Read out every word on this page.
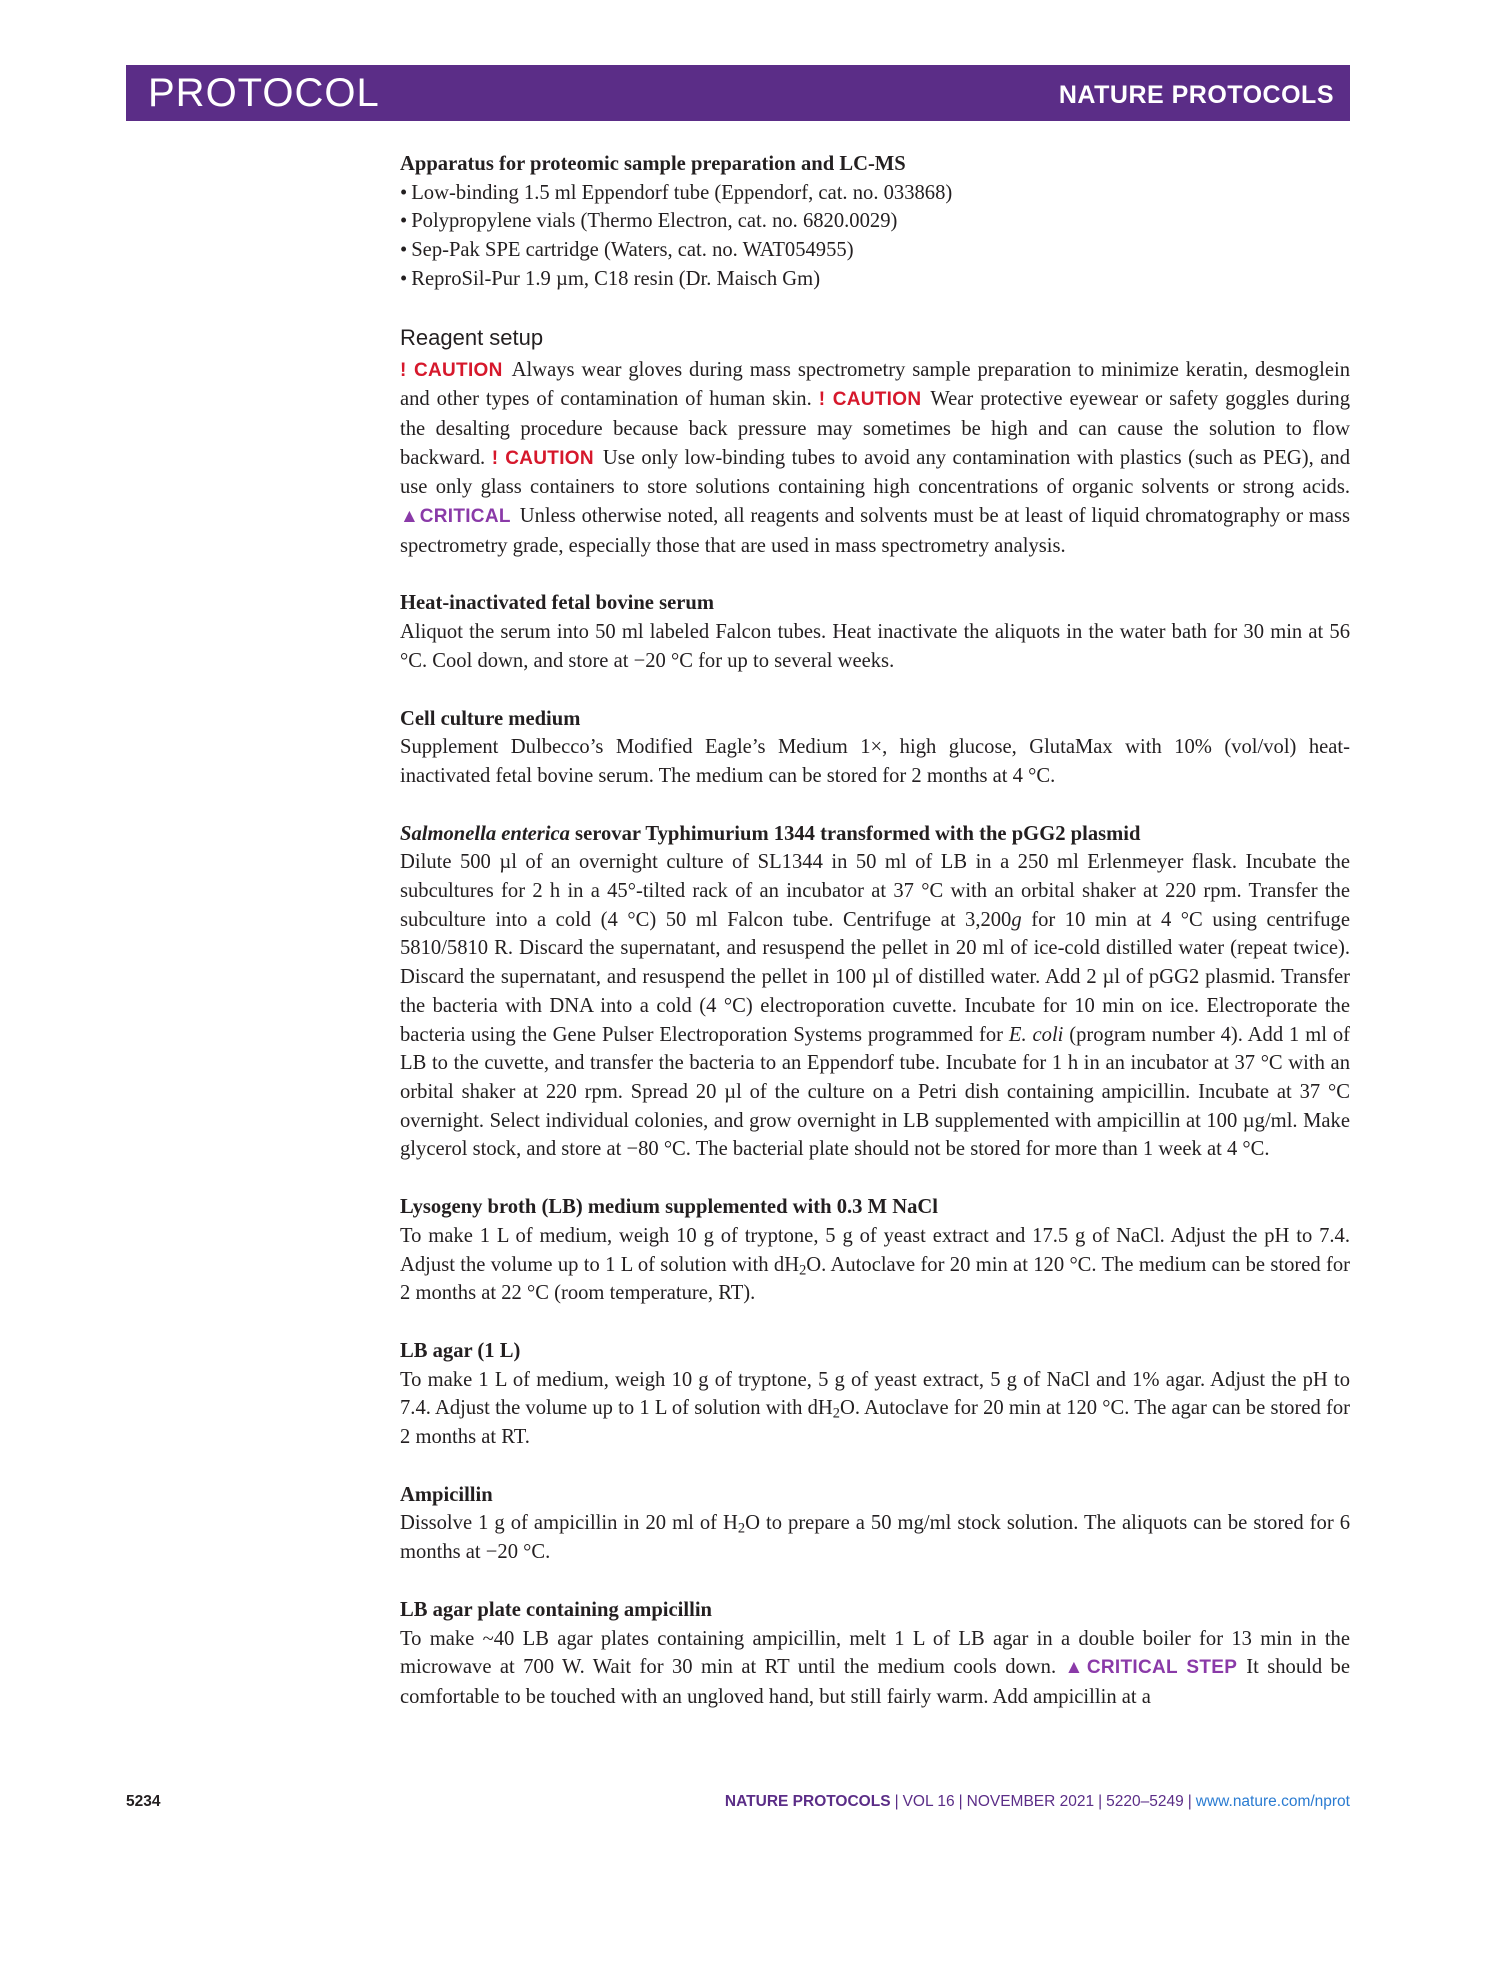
PROTOCOL	NATURE PROTOCOLS

Apparatus for proteomic sample preparation and LC-MS

• Low-binding 1.5 ml Eppendorf tube (Eppendorf, cat. no. 033868)
• Polypropylene vials (Thermo Electron, cat. no. 6820.0029)
• Sep-Pak SPE cartridge (Waters, cat. no. WAT054955)
• ReproSil-Pur 1.9 µm, C18 resin (Dr. Maisch Gm)
Reagent setup

! CAUTION Always wear gloves during mass spectrometry sample preparation to minimize keratin, desmoglein and other types of contamination of human skin. ! CAUTION Wear protective eyewear or safety goggles during the desalting procedure because back pressure may sometimes be high and can cause the solution to flow backward. ! CAUTION Use only low-binding tubes to avoid any contamination with plastics (such as PEG), and use only glass containers to store solutions containing high concentrations of organic solvents or strong acids. ▲CRITICAL Unless otherwise noted, all reagents and solvents must be at least of liquid chromatography or mass spectrometry grade, especially those that are used in mass spectrometry analysis.

Heat-inactivated fetal bovine serum

Aliquot the serum into 50 ml labeled Falcon tubes. Heat inactivate the aliquots in the water bath for 30 min at 56 °C. Cool down, and store at −20 °C for up to several weeks.

Cell culture medium

Supplement Dulbecco’s Modified Eagle’s Medium 1×, high glucose, GlutaMax with 10% (vol/vol) heat-inactivated fetal bovine serum. The medium can be stored for 2 months at 4 °C.

Salmonella enterica serovar Typhimurium 1344 transformed with the pGG2 plasmid

Dilute 500 µl of an overnight culture of SL1344 in 50 ml of LB in a 250 ml Erlenmeyer flask. Incubate the subcultures for 2 h in a 45°-tilted rack of an incubator at 37 °C with an orbital shaker at 220 rpm. Transfer the subculture into a cold (4 °C) 50 ml Falcon tube. Centrifuge at 3,200g for 10 min at 4 °C using centrifuge 5810/5810 R. Discard the supernatant, and resuspend the pellet in 20 ml of ice-cold distilled water (repeat twice). Discard the supernatant, and resuspend the pellet in 100 µl of distilled water. Add 2 µl of pGG2 plasmid. Transfer the bacteria with DNA into a cold (4 °C) electroporation cuvette. Incubate for 10 min on ice. Electroporate the bacteria using the Gene Pulser Electroporation Systems programmed for E. coli (program number 4). Add 1 ml of LB to the cuvette, and transfer the bacteria to an Eppendorf tube. Incubate for 1 h in an incubator at 37 °C with an orbital shaker at 220 rpm. Spread 20 µl of the culture on a Petri dish containing ampicillin. Incubate at 37 °C overnight. Select individual colonies, and grow overnight in LB supplemented with ampicillin at 100 µg/ml. Make glycerol stock, and store at −80 °C. The bacterial plate should not be stored for more than 1 week at 4 °C.

Lysogeny broth (LB) medium supplemented with 0.3 M NaCl

To make 1 L of medium, weigh 10 g of tryptone, 5 g of yeast extract and 17.5 g of NaCl. Adjust the pH to 7.4. Adjust the volume up to 1 L of solution with $dH_2O$. Autoclave for 20 min at 120 °C. The medium can be stored for 2 months at 22 °C (room temperature, RT).

LB agar (1 L)

To make 1 L of medium, weigh 10 g of tryptone, 5 g of yeast extract, 5 g of NaCl and 1% agar. Adjust the pH to 7.4. Adjust the volume up to 1 L of solution with $dH_2O$. Autoclave for 20 min at 120 °C. The agar can be stored for 2 months at RT.

Ampicillin

Dissolve 1 g of ampicillin in 20 ml of $H_2O$ to prepare a 50 mg/ml stock solution. The aliquots can be stored for 6 months at −20 °C.

LB agar plate containing ampicillin

To make ~40 LB agar plates containing ampicillin, melt 1 L of LB agar in a double boiler for 13 min in the microwave at 700 W. Wait for 30 min at RT until the medium cools down. ▲CRITICAL STEP It should be comfortable to be touched with an ungloved hand, but still fairly warm. Add ampicillin at a

5234	NATURE PROTOCOLS | VOL 16 | NOVEMBER 2021 | 5220–5249 | www.nature.com/nprot
